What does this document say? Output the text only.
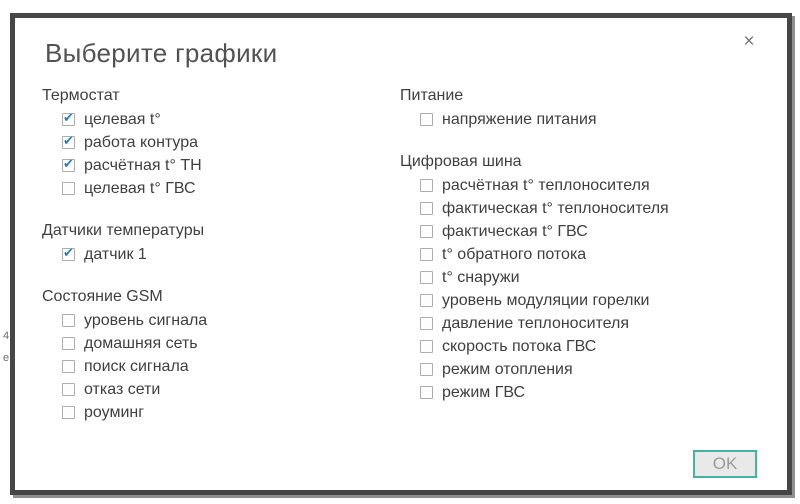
е
4
Выберите графики	×
Термостат
✔ целевая t°
✔ работа контура
✔ расчётная t° ТН
целевая t° ГВС
Датчики температуры
✔ датчик 1
Состояние GSM
уровень сигнала
домашняя сеть
поиск сигнала
отказ сети
роуминг
Питание
напряжение питания
Цифровая шина
расчётная t° теплоносителя
фактическая t° теплоносителя
фактическая t° ГВС
t° обратного потока
t° снаружи
уровень модуляции горелки
давление теплоносителя
скорость потока ГВС
режим отопления
режим ГВС
OK
